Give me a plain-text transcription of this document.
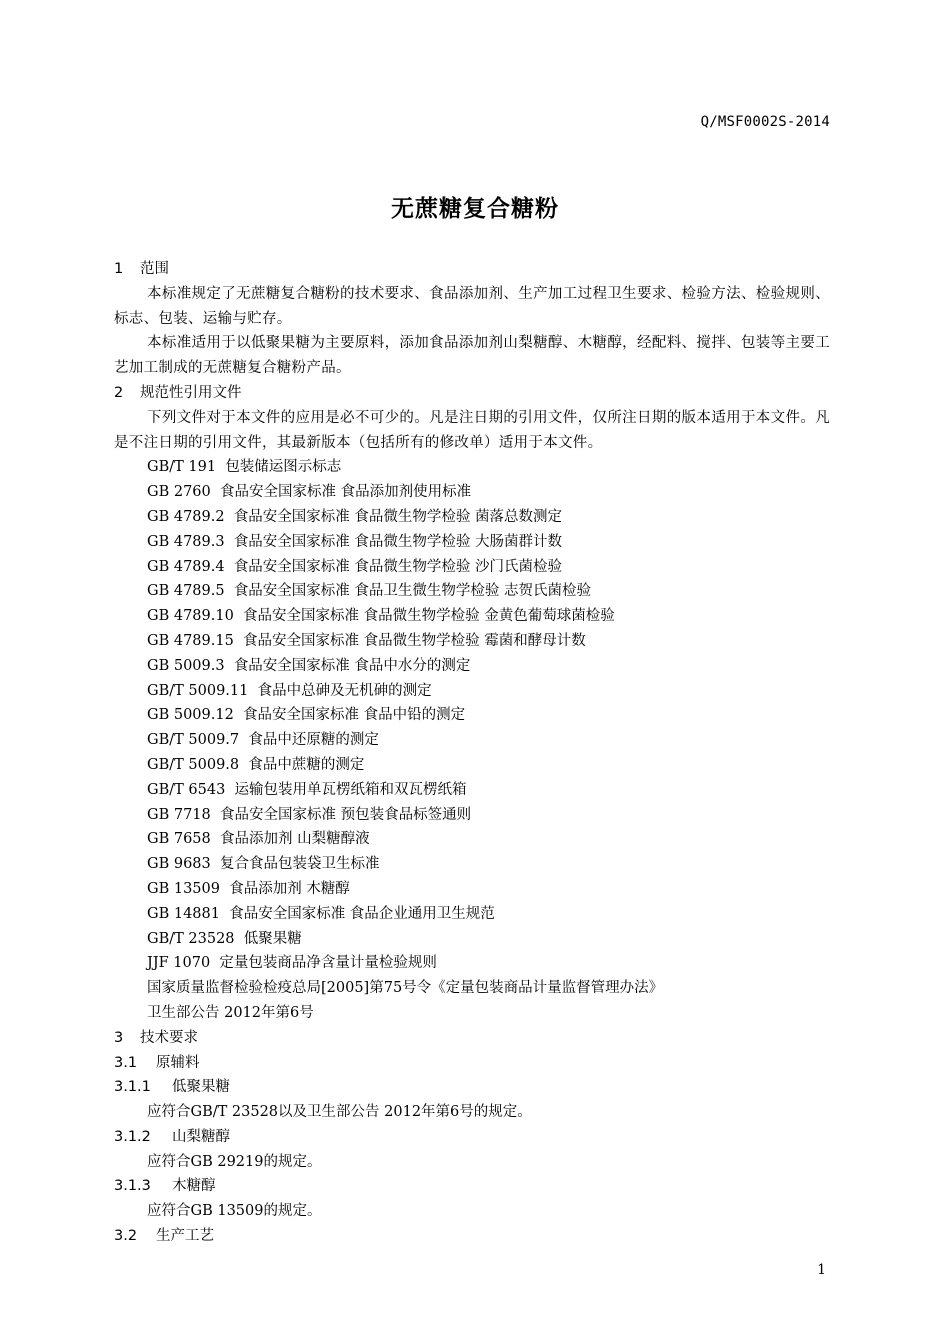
Q/MSF0002S-2014
无蔗糖复合糖粉
1 范围
本标准规定了无蔗糖复合糖粉的技术要求、食品添加剂、生产加工过程卫生要求、检验方法、检验规则、标志、包装、运输与贮存。
本标准适用于以低聚果糖为主要原料，添加食品添加剂山梨糖醇、木糖醇，经配料、搅拌、包装等主要工艺加工制成的无蔗糖复合糖粉产品。
2 规范性引用文件
下列文件对于本文件的应用是必不可少的。凡是注日期的引用文件，仅所注日期的版本适用于本文件。凡是不注日期的引用文件，其最新版本（包括所有的修改单）适用于本文件。
GB/T 191 包装储运图示标志
GB 2760 食品安全国家标准 食品添加剂使用标准
GB 4789.2 食品安全国家标准 食品微生物学检验 菌落总数测定
GB 4789.3 食品安全国家标准 食品微生物学检验 大肠菌群计数
GB 4789.4 食品安全国家标准 食品微生物学检验 沙门氏菌检验
GB 4789.5 食品安全国家标准 食品卫生微生物学检验 志贺氏菌检验
GB 4789.10 食品安全国家标准 食品微生物学检验 金黄色葡萄球菌检验
GB 4789.15 食品安全国家标准 食品微生物学检验 霉菌和酵母计数
GB 5009.3 食品安全国家标准 食品中水分的测定
GB/T 5009.11 食品中总砷及无机砷的测定
GB 5009.12 食品安全国家标准 食品中铅的测定
GB/T 5009.7 食品中还原糖的测定
GB/T 5009.8 食品中蔗糖的测定
GB/T 6543 运输包装用单瓦楞纸箱和双瓦楞纸箱
GB 7718 食品安全国家标准 预包装食品标签通则
GB 7658 食品添加剂 山梨糖醇液
GB 9683 复合食品包装袋卫生标准
GB 13509 食品添加剂 木糖醇
GB 14881 食品安全国家标准 食品企业通用卫生规范
GB/T 23528 低聚果糖
JJF 1070 定量包装商品净含量计量检验规则
国家质量监督检验检疫总局[2005]第75号令《定量包装商品计量监督管理办法》
卫生部公告 2012年第6号
3 技术要求
3.1 原辅料
3.1.1 低聚果糖
应符合GB/T 23528以及卫生部公告 2012年第6号的规定。
3.1.2 山梨糖醇
应符合GB 29219的规定。
3.1.3 木糖醇
应符合GB 13509的规定。
3.2 生产工艺
1
